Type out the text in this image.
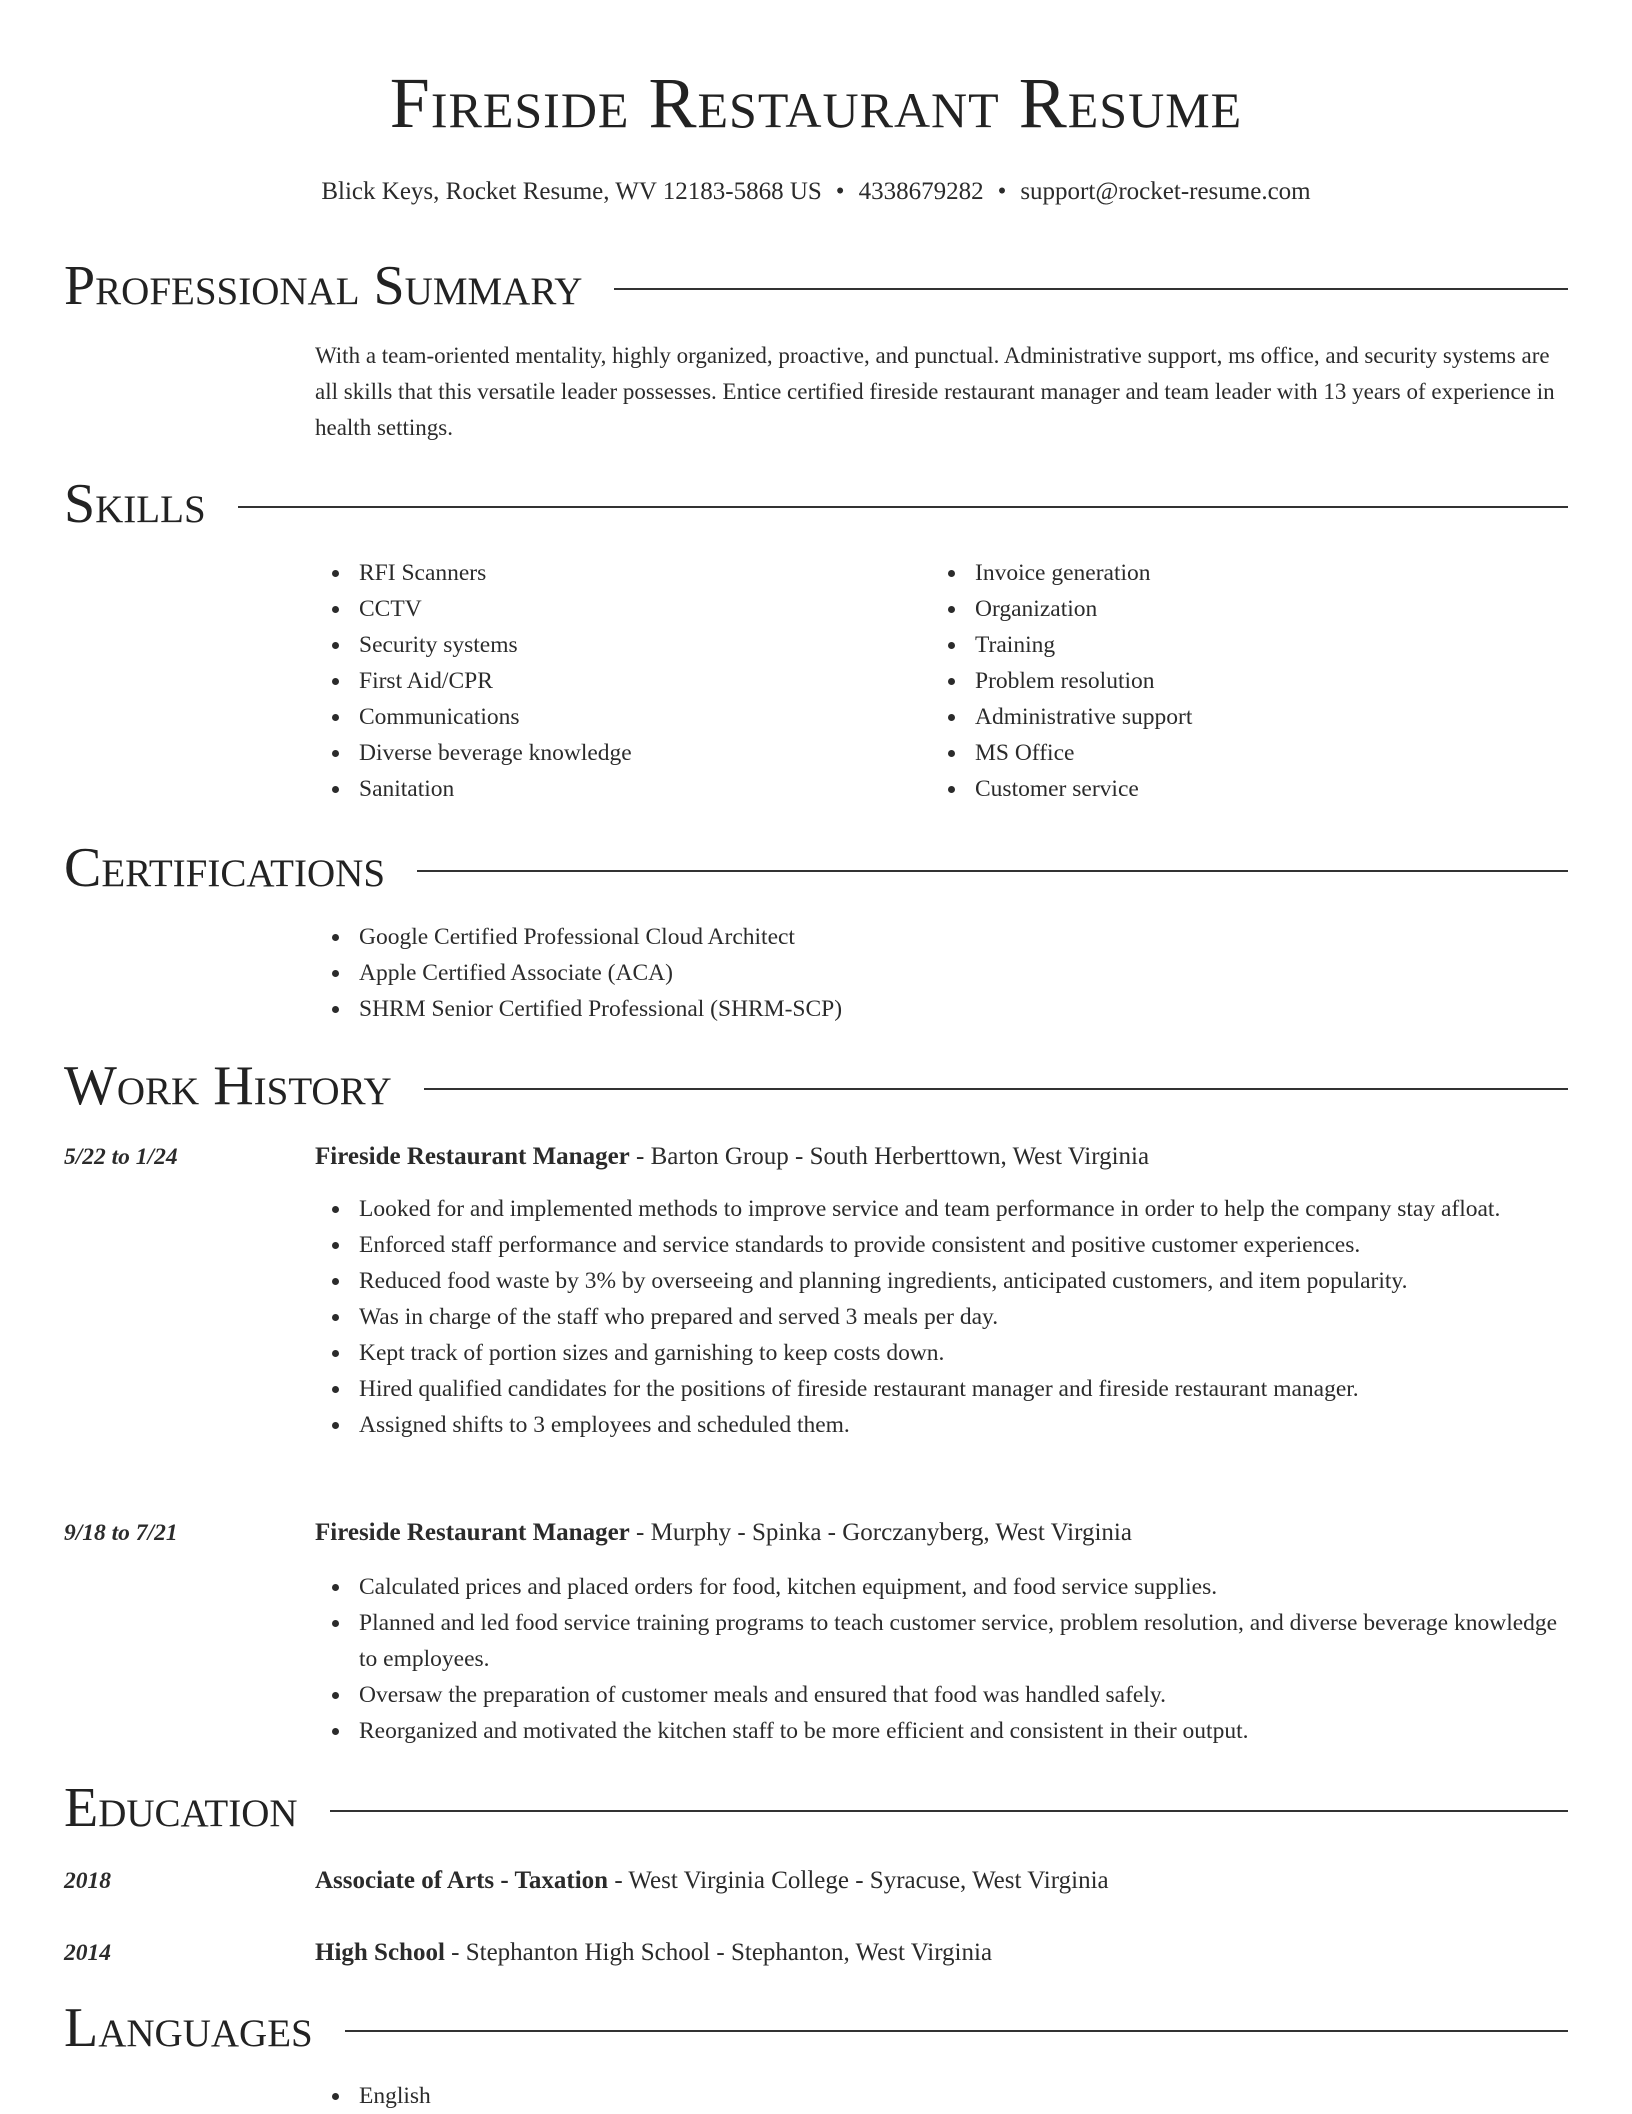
Fireside Restaurant Resume
Blick Keys, Rocket Resume, WV 12183-5868 US • 4338679282 • support@rocket-resume.com
Professional Summary
With a team-oriented mentality, highly organized, proactive, and punctual. Administrative support, ms office, and security systems are all skills that this versatile leader possesses. Entice certified fireside restaurant manager and team leader with 13 years of experience in health settings.
Skills
RFI Scanners
CCTV
Security systems
First Aid/CPR
Communications
Diverse beverage knowledge
Sanitation
Invoice generation
Organization
Training
Problem resolution
Administrative support
MS Office
Customer service
Certifications
Google Certified Professional Cloud Architect
Apple Certified Associate (ACA)
SHRM Senior Certified Professional (SHRM-SCP)
Work History
5/22 to 1/24	Fireside Restaurant Manager - Barton Group - South Herberttown, West Virginia
Looked for and implemented methods to improve service and team performance in order to help the company stay afloat.
Enforced staff performance and service standards to provide consistent and positive customer experiences.
Reduced food waste by 3% by overseeing and planning ingredients, anticipated customers, and item popularity.
Was in charge of the staff who prepared and served 3 meals per day.
Kept track of portion sizes and garnishing to keep costs down.
Hired qualified candidates for the positions of fireside restaurant manager and fireside restaurant manager.
Assigned shifts to 3 employees and scheduled them.
9/18 to 7/21	Fireside Restaurant Manager - Murphy - Spinka - Gorczanyberg, West Virginia
Calculated prices and placed orders for food, kitchen equipment, and food service supplies.
Planned and led food service training programs to teach customer service, problem resolution, and diverse beverage knowledge to employees.
Oversaw the preparation of customer meals and ensured that food was handled safely.
Reorganized and motivated the kitchen staff to be more efficient and consistent in their output.
Education
2018	Associate of Arts - Taxation - West Virginia College - Syracuse, West Virginia
2014	High School - Stephanton High School - Stephanton, West Virginia
Languages
English
